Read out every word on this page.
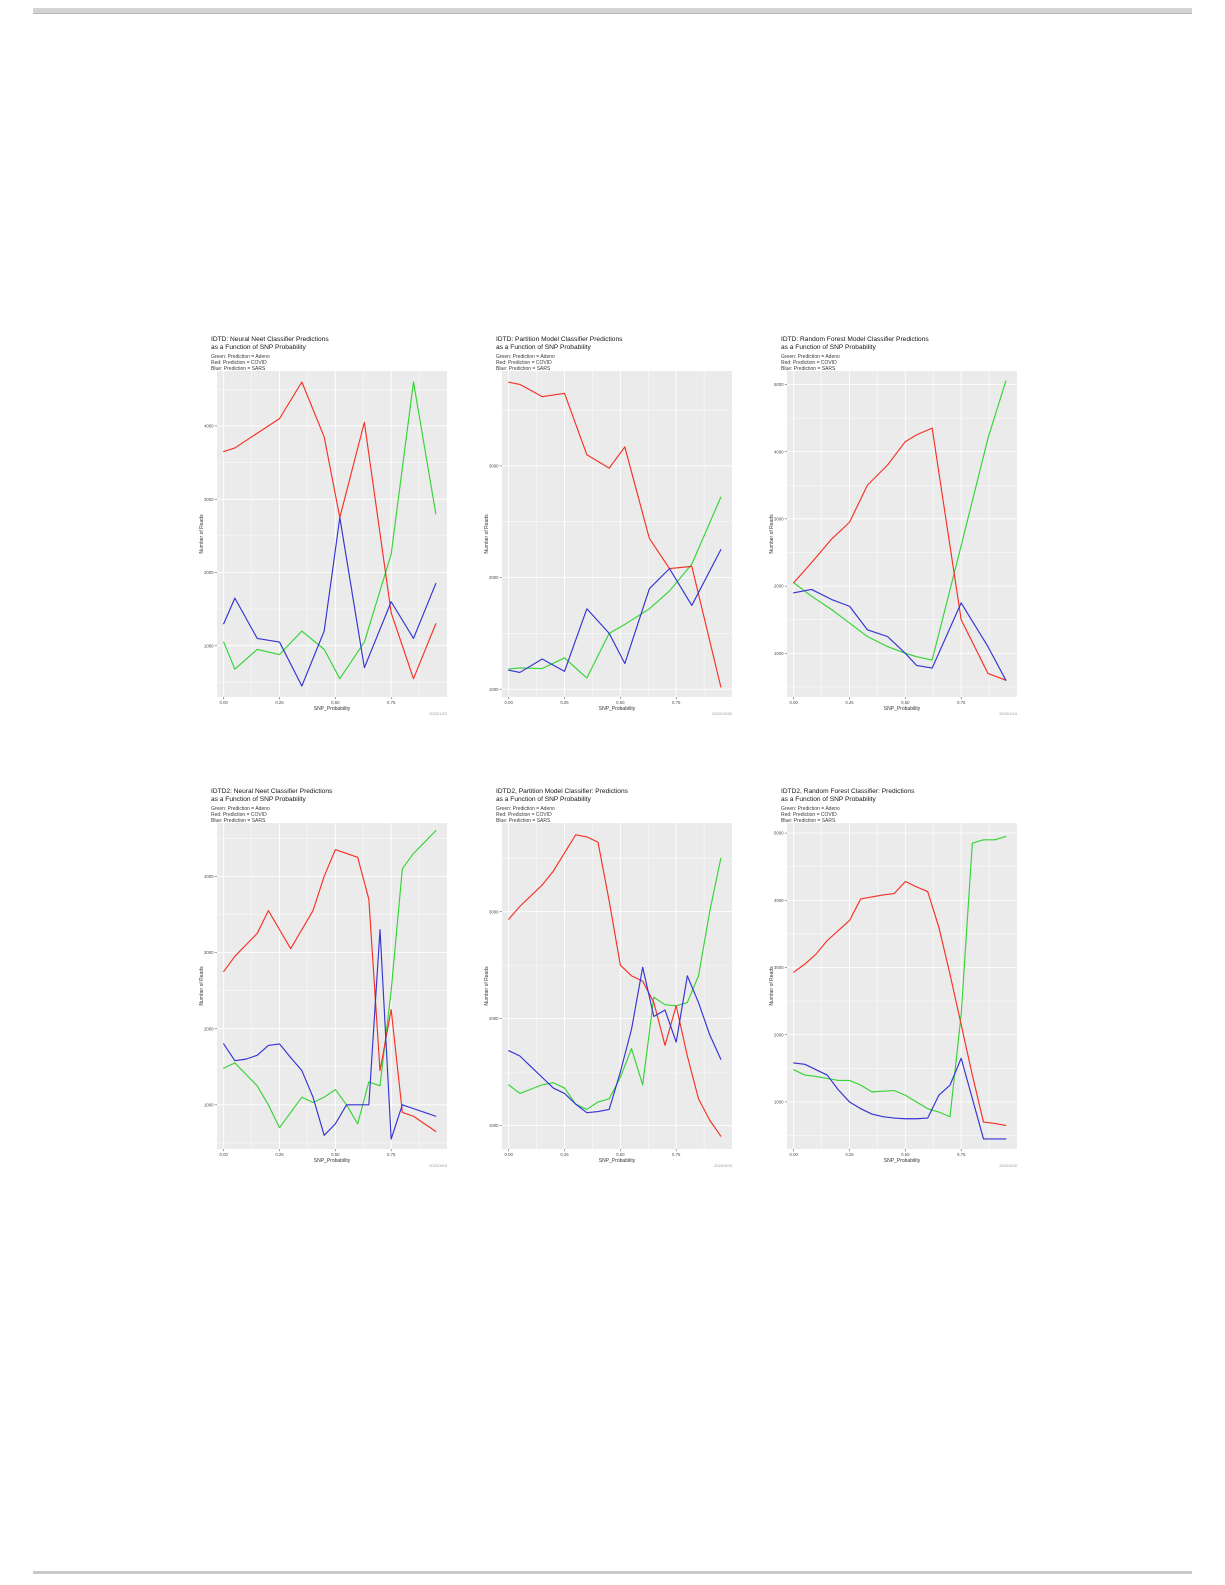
0.00	0.25	0.50	0.75
1000
2000
3000
4000
SNP_Probability
Number of Reads
2020/1/23
IDTD: Neural Neet Classifier Predictions
as a Function of SNP Probability
Green: Prediction = Adeno
Red: Prediction = COVID
Blue: Prediction = SARS
0.00	0.25	0.50	0.75
1000
2000
3000
SNP_Probability
Number of Reads
2020/12/30
IDTD: Partition Model Classifier Predictions
as a Function of SNP Probability
Green: Prediction = Adeno
Red: Prediction = COVID
Blue: Prediction = SARS
0.00	0.25	0.50	0.75
1000
2000
3000
4000
5000
SNP_Probability
Number of Reads
2020/1/24
IDTD: Random Forest Model Classifier Predictions
as a Function of SNP Probability
Green: Prediction = Adeno
Red: Prediction = COVID
Blue: Prediction = SARS
0.00	0.25	0.50	0.75
1000
2000
3000
4000
SNP_Probability
Number of Reads
2020/3/03
IDTD2: Neural Neet Classifier Predictions
as a Function of SNP Probability
Green: Prediction = Adeno
Red: Prediction = COVID
Blue: Prediction = SARS
0.00	0.25	0.50	0.75
1000
2000
3000
SNP_Probability
Number of Reads
2020/3/03
IDTD2, Partition Model Classifier: Predictions
as a Function of SNP Probability
Green: Prediction = Adeno
Red: Prediction = COVID
Blue: Prediction = SARS
0.00	0.25	0.50	0.75
1000
2000
3000
4000
5000
SNP_Probability
Number of Reads
2020/3/02
IDTD2, Random Forest Classifier: Predictions
as a Function of SNP Probability
Green: Prediction = Adeno
Red: Prediction = COVID
Blue: Prediction = SARS
